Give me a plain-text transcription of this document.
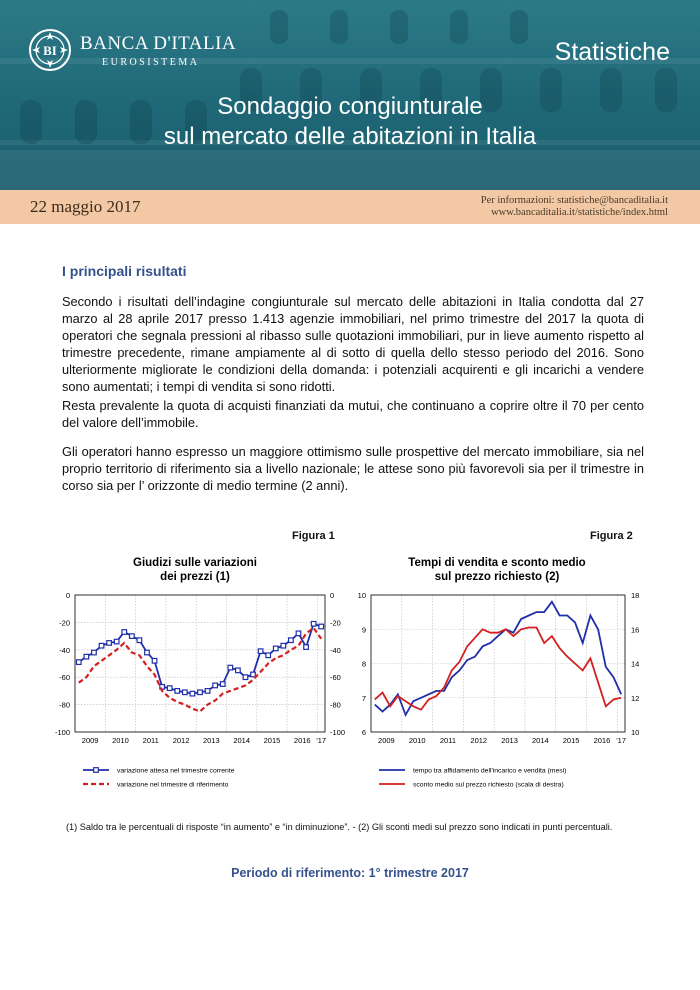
BI BANCA D'ITALIA
EUROSISTEMA	Statistiche
Sondaggio congiunturale
sul mercato delle abitazioni in Italia
22 maggio 2017	Per informazioni: statistiche@bancaditalia.it
www.bancaditalia.it/statistiche/index.html
I principali risultati

Secondo i risultati dell’indagine congiunturale sul mercato delle abitazioni in Italia condotta dal 27 marzo al 28 aprile 2017 presso 1.413 agenzie immobiliari, nel primo trimestre del 2017 la quota di operatori che segnala pressioni al ribasso sulle quotazioni immobiliari, pur in lieve aumento rispetto al trimestre precedente, rimane ampiamente al di sotto di quella dello stesso periodo del 2016. Sono ulteriormente migliorate le condizioni della domanda: i potenziali acquirenti e gli incarichi a vendere sono aumentati; i tempi di vendita si sono ridotti.

Resta prevalente la quota di acquisti finanziati da mutui, che continuano a coprire oltre il 70 per cento del valore dell’immobile.

Gli operatori hanno espresso un maggiore ottimismo sulle prospettive del mercato immobiliare, sia nel proprio territorio di riferimento sia a livello nazionale; le attese sono più favorevoli sia per il trimestre in corso sia per l’ orizzonte di medio termine (2 anni).

Figura 1
Giudizi sulle variazioni
dei prezzi (1)
0
-20
-40
-60
-80
-100
0
-20
-40
-60
-80
-100
2009 2010 2011 2012 2013 2014 2015 2016 '17
variazione attesa nel trimestre corrente
variazione nel trimestre di riferimento
Figura 2
Tempi di vendita e sconto medio
sul prezzo richiesto (2)
6
7
8
9
10
10
12
14
16
18
2009 2010 2011 2012 2013 2014 2015 2016 '17
tempo tra affidamento dell'incarico e vendita (mesi)
sconto medio sul prezzo richiesto (scala di destra)
(1) Saldo tra le percentuali di risposte “in aumento” e “in diminuzione”. - (2) Gli sconti medi sul prezzo sono indicati in punti percentuali.
Periodo di riferimento: 1° trimestre 2017
